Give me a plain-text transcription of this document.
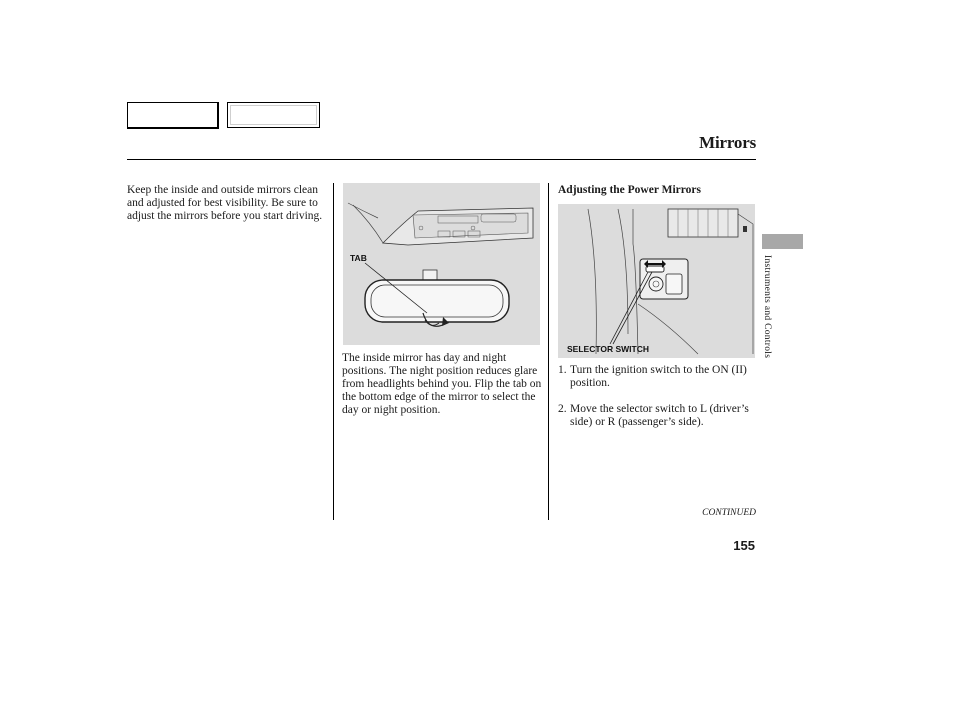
Mirrors
Keep the inside and outside mirrors clean and adjusted for best visibility. Be sure to adjust the mirrors before you start driving.
TAB
The inside mirror has day and night positions. The night position reduces glare from headlights behind you. Flip the tab on the bottom edge of the mirror to select the day or night position.
Adjusting the Power Mirrors
SELECTOR SWITCH
1. Turn the ignition switch to the ON (II) position.
2. Move the selector switch to L (driver’s side) or R (passenger’s side).
CONTINUED
155
Instruments and Controls
